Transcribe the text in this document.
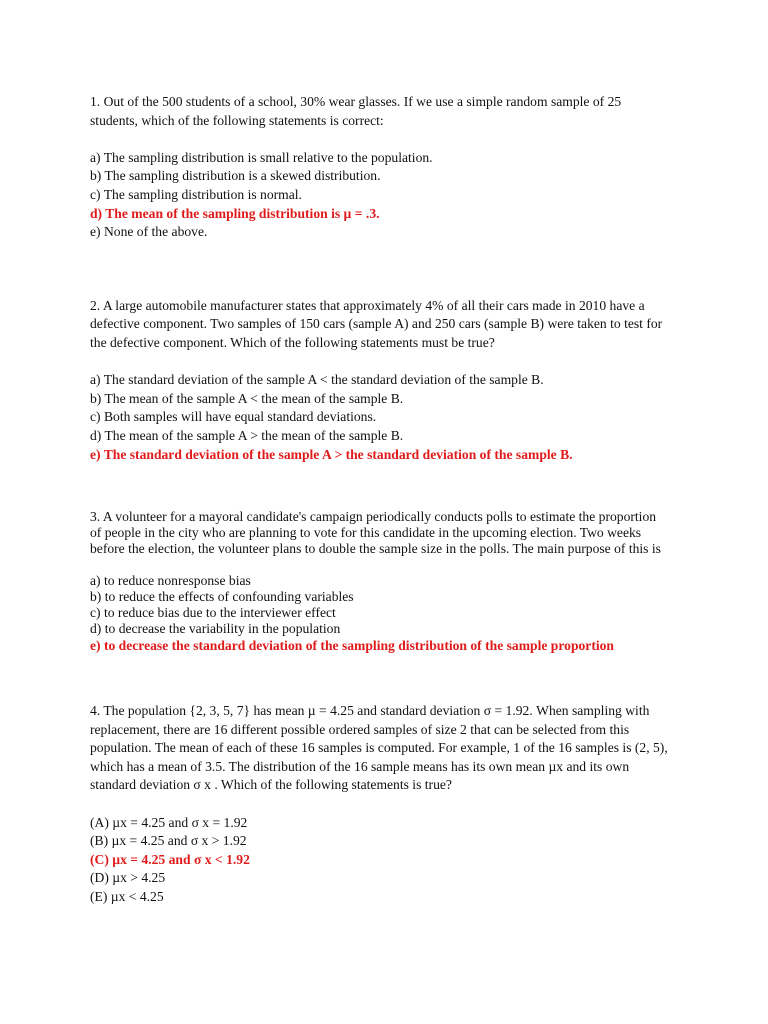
1. Out of the 500 students of a school, 30% wear glasses. If we use a simple random sample of 25

students, which of the following statements is correct:

a) The sampling distribution is small relative to the population.

b) The sampling distribution is a skewed distribution.

c) The sampling distribution is normal.

d) The mean of the sampling distribution is µ = .3.

e) None of the above.

2. A large automobile manufacturer states that approximately 4% of all their cars made in 2010 have a

defective component. Two samples of 150 cars (sample A) and 250 cars (sample B) were taken to test for

the defective component. Which of the following statements must be true?

a) The standard deviation of the sample A < the standard deviation of the sample B.

b) The mean of the sample A < the mean of the sample B.

c) Both samples will have equal standard deviations.

d) The mean of the sample A > the mean of the sample B.

e) The standard deviation of the sample A > the standard deviation of the sample B.

3. A volunteer for a mayoral candidate's campaign periodically conducts polls to estimate the proportion

of people in the city who are planning to vote for this candidate in the upcoming election. Two weeks

before the election, the volunteer plans to double the sample size in the polls. The main purpose of this is

a) to reduce nonresponse bias

b) to reduce the effects of confounding variables

c) to reduce bias due to the interviewer effect

d) to decrease the variability in the population

e) to decrease the standard deviation of the sampling distribution of the sample proportion

4. The population {2, 3, 5, 7} has mean µ = 4.25 and standard deviation σ = 1.92. When sampling with

replacement, there are 16 different possible ordered samples of size 2 that can be selected from this

population. The mean of each of these 16 samples is computed. For example, 1 of the 16 samples is (2, 5),

which has a mean of 3.5. The distribution of the 16 sample means has its own mean µx and its own

standard deviation σ x . Which of the following statements is true?

(A) µx = 4.25 and σ x = 1.92

(B) µx = 4.25 and σ x > 1.92

(C) µx = 4.25 and σ x < 1.92

(D) µx > 4.25

(E) µx < 4.25
